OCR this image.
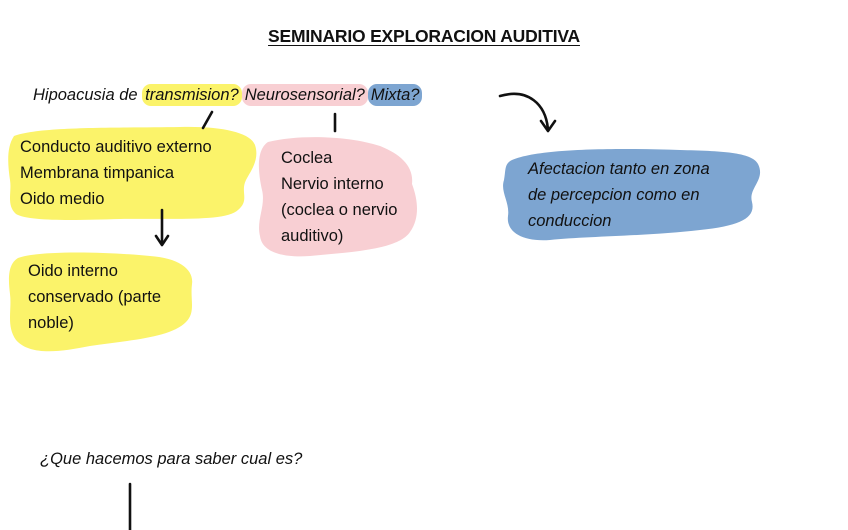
SEMINARIO EXPLORACION AUDITIVA
Hipoacusia de transmision? Neurosensorial? Mixta?
Conducto auditivo externo
Membrana timpanica
Oido medio
Oido interno
conservado (parte
noble)
Coclea
Nervio interno
(coclea o nervio
auditivo)
Afectacion tanto en zona
de percepcion como en
conduccion
¿Que hacemos para saber cual es?
